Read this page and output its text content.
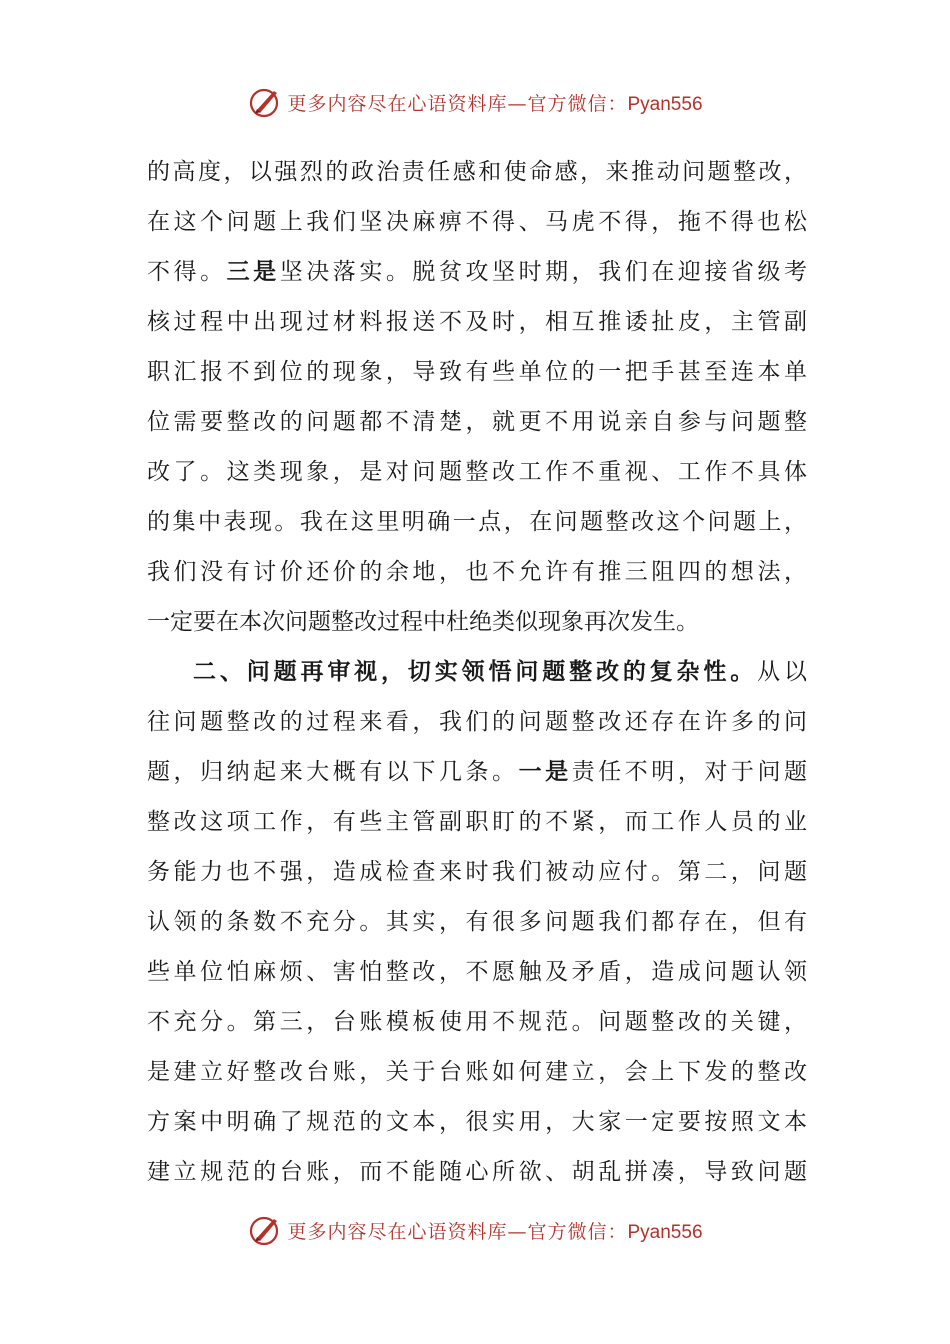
更多内容尽在心语资料库—官方微信：Pyan556
的高度，以强烈的政治责任感和使命感，来推动问题整改，
在这个问题上我们坚决麻痹不得、马虎不得，拖不得也松
不得。三是坚决落实。脱贫攻坚时期，我们在迎接省级考
核过程中出现过材料报送不及时，相互推诿扯皮，主管副
职汇报不到位的现象，导致有些单位的一把手甚至连本单
位需要整改的问题都不清楚，就更不用说亲自参与问题整
改了。这类现象，是对问题整改工作不重视、工作不具体
的集中表现。我在这里明确一点，在问题整改这个问题上，
我们没有讨价还价的余地，也不允许有推三阻四的想法，
一定要在本次问题整改过程中杜绝类似现象再次发生。
二、问题再审视，切实领悟问题整改的复杂性。从以
往问题整改的过程来看，我们的问题整改还存在许多的问
题，归纳起来大概有以下几条。一是责任不明，对于问题
整改这项工作，有些主管副职盯的不紧，而工作人员的业
务能力也不强，造成检查来时我们被动应付。第二，问题
认领的条数不充分。其实，有很多问题我们都存在，但有
些单位怕麻烦、害怕整改，不愿触及矛盾，造成问题认领
不充分。第三，台账模板使用不规范。问题整改的关键，
是建立好整改台账，关于台账如何建立，会上下发的整改
方案中明确了规范的文本，很实用，大家一定要按照文本
建立规范的台账，而不能随心所欲、胡乱拼凑，导致问题
更多内容尽在心语资料库—官方微信：Pyan556
